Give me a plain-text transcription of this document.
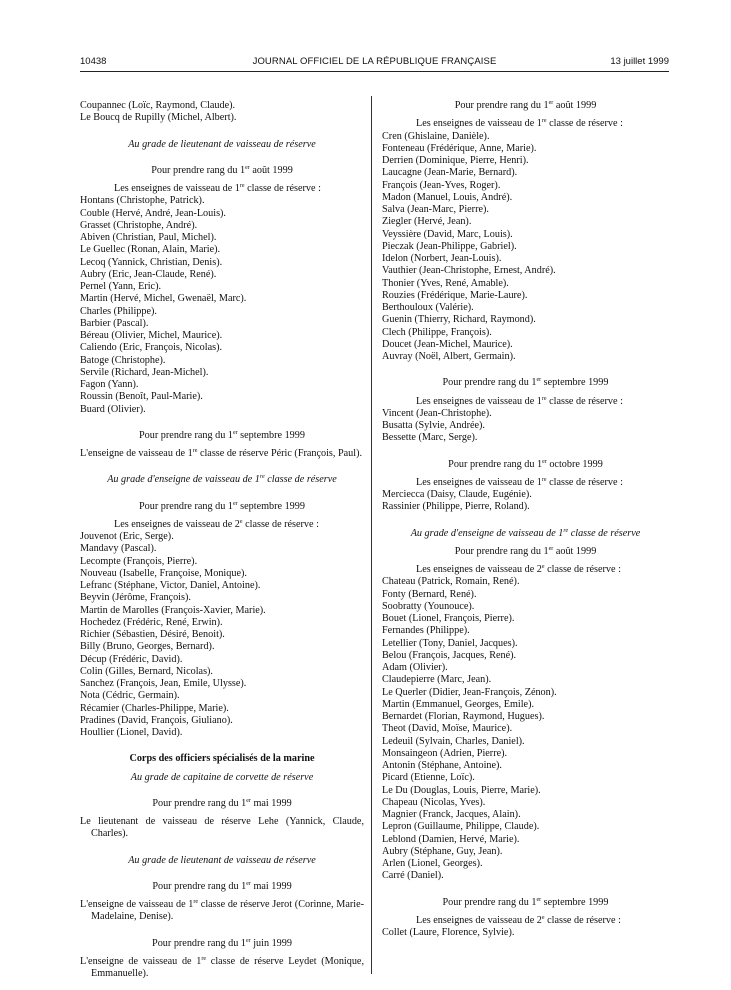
10438	JOURNAL OFFICIEL DE LA RÉPUBLIQUE FRANÇAISE	13 juillet 1999
Coupannec (Loïc, Raymond, Claude).
Le Boucq de Rupilly (Michel, Albert).
Au grade de lieutenant de vaisseau de réserve
Pour prendre rang du 1er août 1999
Les enseignes de vaisseau de 1re classe de réserve :
Hontans (Christophe, Patrick).
Couble (Hervé, André, Jean-Louis).
Grasset (Christophe, André).
Abiven (Christian, Paul, Michel).
Le Guellec (Ronan, Alain, Marie).
Lecoq (Yannick, Christian, Denis).
Aubry (Eric, Jean-Claude, René).
Pernel (Yann, Eric).
Martin (Hervé, Michel, Gwenaël, Marc).
Charles (Philippe).
Barbier (Pascal).
Béreau (Olivier, Michel, Maurice).
Caliendo (Eric, François, Nicolas).
Batoge (Christophe).
Servile (Richard, Jean-Michel).
Fagon (Yann).
Roussin (Benoît, Paul-Marie).
Buard (Olivier).
Pour prendre rang du 1er septembre 1999
L'enseigne de vaisseau de 1re classe de réserve Péric (François, Paul).
Au grade d'enseigne de vaisseau de 1re classe de réserve
Pour prendre rang du 1er septembre 1999
Les enseignes de vaisseau de 2e classe de réserve :
Jouvenot (Eric, Serge).
Mandavy (Pascal).
Lecompte (François, Pierre).
Nouveau (Isabelle, Françoise, Monique).
Lefranc (Stéphane, Victor, Daniel, Antoine).
Beyvin (Jérôme, François).
Martin de Marolles (François-Xavier, Marie).
Hochedez (Frédéric, René, Erwin).
Richier (Sébastien, Désiré, Benoit).
Billy (Bruno, Georges, Bernard).
Décup (Frédéric, David).
Colin (Gilles, Bernard, Nicolas).
Sanchez (François, Jean, Emile, Ulysse).
Nota (Cédric, Germain).
Récamier (Charles-Philippe, Marie).
Pradines (David, François, Giuliano).
Houllier (Lionel, David).
Corps des officiers spécialisés de la marine
Au grade de capitaine de corvette de réserve
Pour prendre rang du 1er mai 1999
Le lieutenant de vaisseau de réserve Lehe (Yannick, Claude, Charles).
Au grade de lieutenant de vaisseau de réserve
Pour prendre rang du 1er mai 1999
L'enseigne de vaisseau de 1re classe de réserve Jerot (Corinne, Marie-Madelaine, Denise).
Pour prendre rang du 1er juin 1999
L'enseigne de vaisseau de 1re classe de réserve Leydet (Monique, Emmanuelle).
Pour prendre rang du 1er août 1999
Les enseignes de vaisseau de 1re classe de réserve :
Cren (Ghislaine, Danièle).
Fonteneau (Frédérique, Anne, Marie).
Derrien (Dominique, Pierre, Henri).
Laucagne (Jean-Marie, Bernard).
François (Jean-Yves, Roger).
Madon (Manuel, Louis, André).
Salva (Jean-Marc, Pierre).
Ziegler (Hervé, Jean).
Veyssière (David, Marc, Louis).
Pieczak (Jean-Philippe, Gabriel).
Idelon (Norbert, Jean-Louis).
Vauthier (Jean-Christophe, Ernest, André).
Thonier (Yves, René, Amable).
Rouzies (Frédérique, Marie-Laure).
Berthouloux (Valérie).
Guenin (Thierry, Richard, Raymond).
Clech (Philippe, François).
Doucet (Jean-Michel, Maurice).
Auvray (Noël, Albert, Germain).
Pour prendre rang du 1er septembre 1999
Les enseignes de vaisseau de 1re classe de réserve :
Vincent (Jean-Christophe).
Busatta (Sylvie, Andrée).
Bessette (Marc, Serge).
Pour prendre rang du 1er octobre 1999
Les enseignes de vaisseau de 1re classe de réserve :
Merciecca (Daisy, Claude, Eugénie).
Rassinier (Philippe, Pierre, Roland).
Au grade d'enseigne de vaisseau de 1re classe de réserve
Pour prendre rang du 1er août 1999
Les enseignes de vaisseau de 2e classe de réserve :
Chateau (Patrick, Romain, René).
Fonty (Bernard, René).
Soobratty (Younouce).
Bouet (Lionel, François, Pierre).
Fernandes (Philippe).
Letellier (Tony, Daniel, Jacques).
Belou (François, Jacques, René).
Adam (Olivier).
Claudepierre (Marc, Jean).
Le Querler (Didier, Jean-François, Zénon).
Martin (Emmanuel, Georges, Emile).
Bernardet (Florian, Raymond, Hugues).
Theot (David, Moïse, Maurice).
Ledeuil (Sylvain, Charles, Daniel).
Monsaingeon (Adrien, Pierre).
Antonin (Stéphane, Antoine).
Picard (Etienne, Loïc).
Le Du (Douglas, Louis, Pierre, Marie).
Chapeau (Nicolas, Yves).
Magnier (Franck, Jacques, Alain).
Lepron (Guillaume, Philippe, Claude).
Leblond (Damien, Hervé, Marie).
Aubry (Stéphane, Guy, Jean).
Arlen (Lionel, Georges).
Carré (Daniel).
Pour prendre rang du 1er septembre 1999
Les enseignes de vaisseau de 2e classe de réserve :
Collet (Laure, Florence, Sylvie).
